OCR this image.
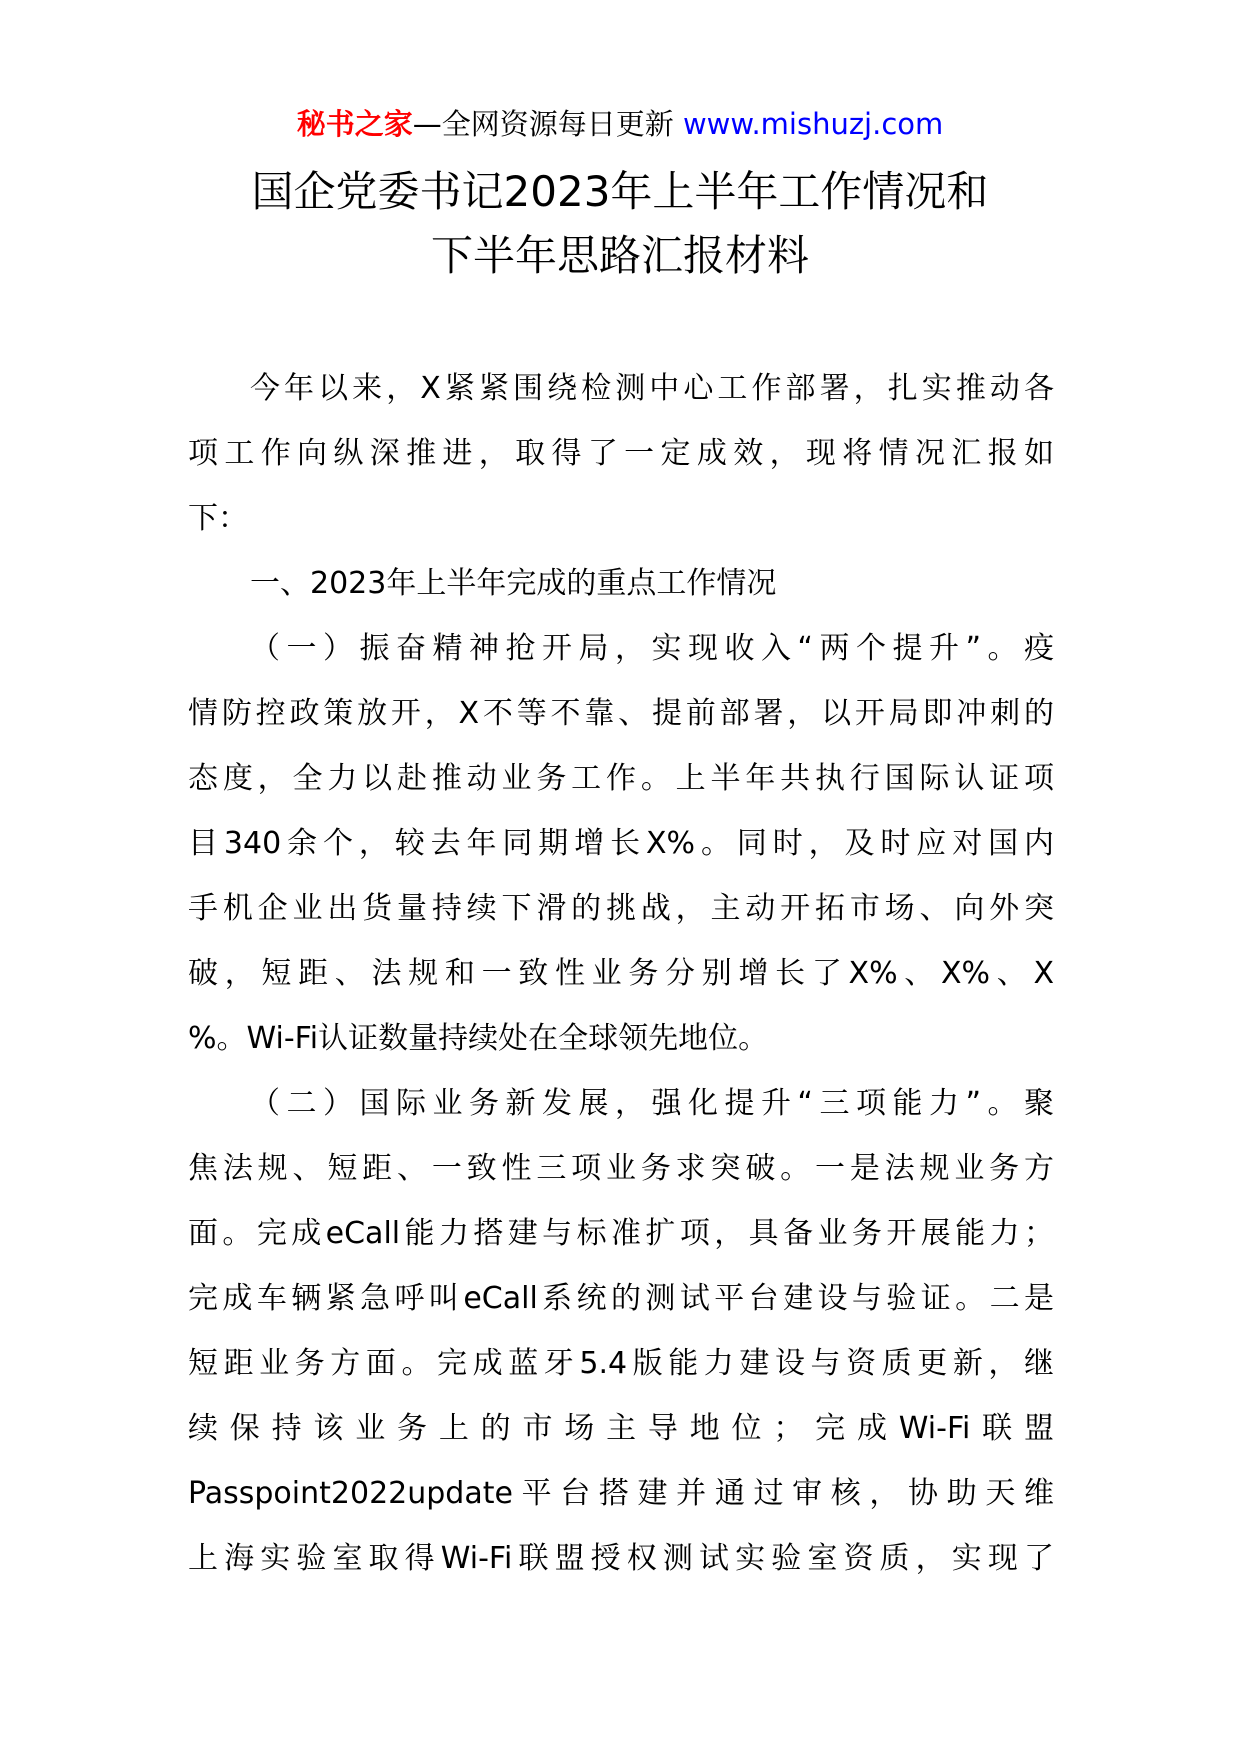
秘书之家—全网资源每日更新 www.mishuzj.com
国企党委书记2023年上半年工作情况和
下半年思路汇报材料
今年以来，X紧紧围绕检测中心工作部署，扎实推动各
项工作向纵深推进，取得了一定成效，现将情况汇报如
下：
一、2023年上半年完成的重点工作情况
（一）振奋精神抢开局，实现收入“两个提升”。疫
情防控政策放开，X不等不靠、提前部署，以开局即冲刺的
态度，全力以赴推动业务工作。上半年共执行国际认证项
目340余个，较去年同期增长X%。同时，及时应对国内
手机企业出货量持续下滑的挑战，主动开拓市场、向外突
破，短距、法规和一致性业务分别增长了X%、X%、X
%。Wi-Fi认证数量持续处在全球领先地位。
（二）国际业务新发展，强化提升“三项能力”。聚
焦法规、短距、一致性三项业务求突破。一是法规业务方
面。完成eCall能力搭建与标准扩项，具备业务开展能力；
完成车辆紧急呼叫eCall系统的测试平台建设与验证。二是
短距业务方面。完成蓝牙5.4版能力建设与资质更新，继
续保持该业务上的市场主导地位；完成Wi-Fi联盟
Passpoint2022update平台搭建并通过审核，协助天维
上海实验室取得Wi-Fi联盟授权测试实验室资质，实现了
